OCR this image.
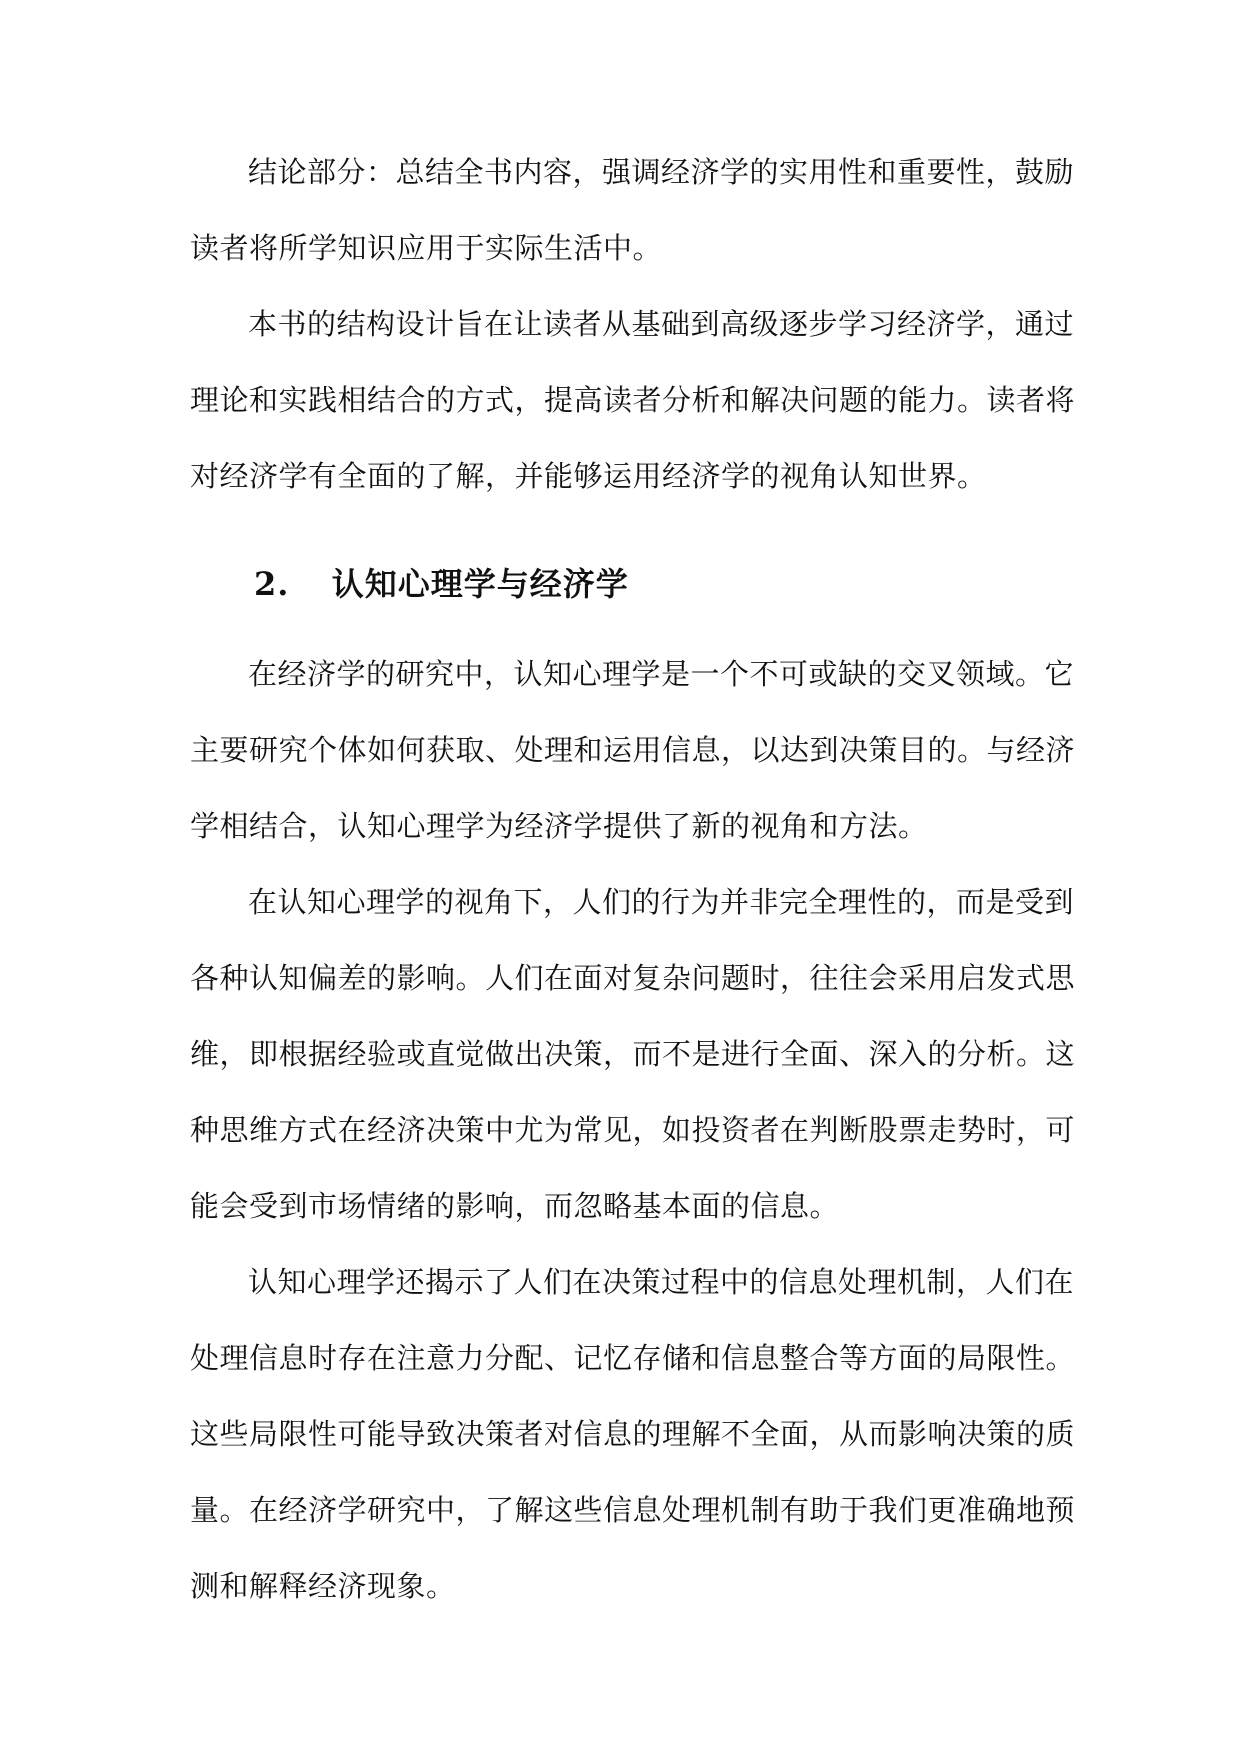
结论部分：总结全书内容，强调经济学的实用性和重要性，鼓励
读者将所学知识应用于实际生活中。
本书的结构设计旨在让读者从基础到高级逐步学习经济学，通过
理论和实践相结合的方式，提高读者分析和解决问题的能力。读者将
对经济学有全面的了解，并能够运用经济学的视角认知世界。
2. 认知心理学与经济学
在经济学的研究中，认知心理学是一个不可或缺的交叉领域。它
主要研究个体如何获取、处理和运用信息，以达到决策目的。与经济
学相结合，认知心理学为经济学提供了新的视角和方法。
在认知心理学的视角下，人们的行为并非完全理性的，而是受到
各种认知偏差的影响。人们在面对复杂问题时，往往会采用启发式思
维，即根据经验或直觉做出决策，而不是进行全面、深入的分析。这
种思维方式在经济决策中尤为常见，如投资者在判断股票走势时，可
能会受到市场情绪的影响，而忽略基本面的信息。
认知心理学还揭示了人们在决策过程中的信息处理机制，人们在
处理信息时存在注意力分配、记忆存储和信息整合等方面的局限性。
这些局限性可能导致决策者对信息的理解不全面，从而影响决策的质
量。在经济学研究中，了解这些信息处理机制有助于我们更准确地预
测和解释经济现象。
